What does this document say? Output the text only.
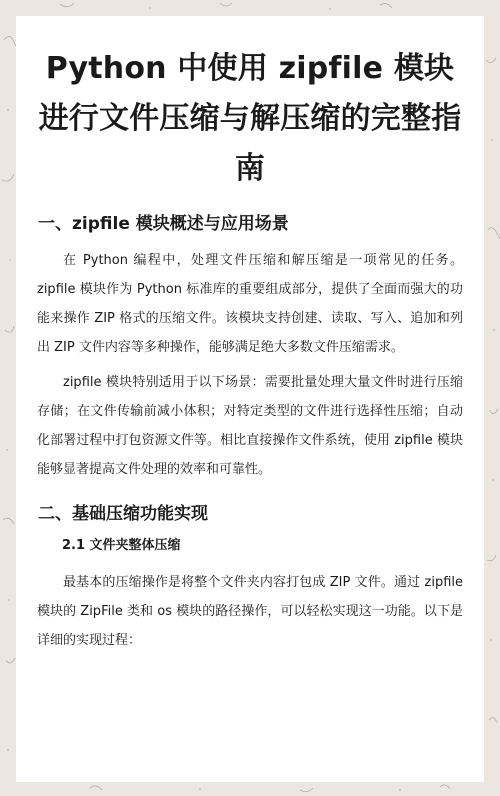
Python 中使用 zipfile 模块进行文件压缩与解压缩的完整指南
一、zipfile 模块概述与应用场景

在 Python 编程中，处理文件压缩和解压缩是一项常见的任务。zipfile 模块作为 Python 标准库的重要组成部分，提供了全面而强大的功能来操作 ZIP 格式的压缩文件。该模块支持创建、读取、写入、追加和列出 ZIP 文件内容等多种操作，能够满足绝大多数文件压缩需求。

zipfile 模块特别适用于以下场景：需要批量处理大量文件时进行压缩存储；在文件传输前减小体积；对特定类型的文件进行选择性压缩；自动化部署过程中打包资源文件等。相比直接操作文件系统，使用 zipfile 模块能够显著提高文件处理的效率和可靠性。

二、基础压缩功能实现
2.1 文件夹整体压缩

最基本的压缩操作是将整个文件夹内容打包成 ZIP 文件。通过 zipfile 模块的 ZipFile 类和 os 模块的路径操作，可以轻松实现这一功能。以下是详细的实现过程：
